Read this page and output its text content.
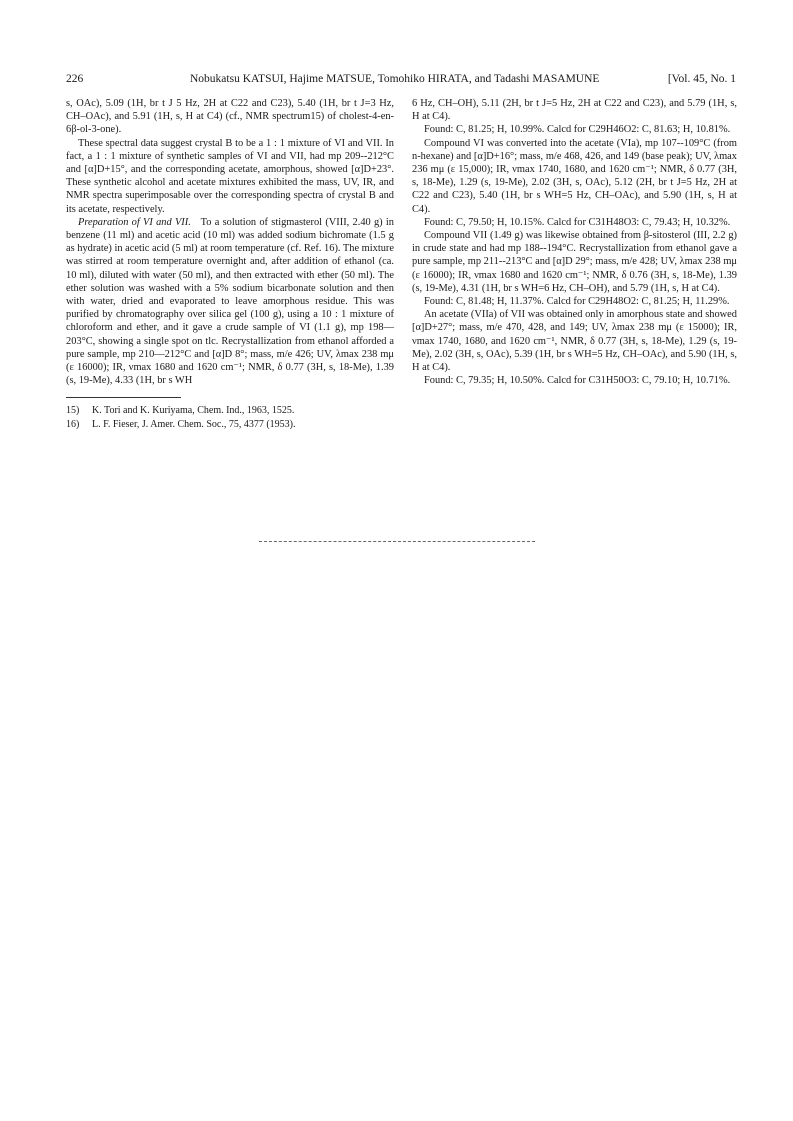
226	Nobukatsu KATSUI, Hajime MATSUE, Tomohiko HIRATA, and Tadashi MASAMUNE	[Vol. 45, No. 1

s, OAc), 5.09 (1H, br t J 5 Hz, 2H at C22 and C23), 5.40 (1H, br t J=3 Hz, CH–OAc), and 5.91 (1H, s, H at C4) (cf., NMR spectrum15) of cholest-4-en-6β-ol-3-one).

These spectral data suggest crystal B to be a 1 : 1 mixture of VI and VII. In fact, a 1 : 1 mixture of synthetic samples of VI and VII, had mp 209--212°C and [α]D+15°, and the corresponding acetate, amorphous, showed [α]D+23°. These synthetic alcohol and acetate mixtures exhibited the mass, UV, IR, and NMR spectra superimposable over the corresponding spectra of crystal B and its acetate, respectively.

Preparation of VI and VII. To a solution of stigmasterol (VIII, 2.40 g) in benzene (11 ml) and acetic acid (10 ml) was added sodium bichromate (1.5 g as hydrate) in acetic acid (5 ml) at room temperature (cf. Ref. 16). The mixture was stirred at room temperature overnight and, after addition of ethanol (ca. 10 ml), diluted with water (50 ml), and then extracted with ether (50 ml). The ether solution was washed with a 5% sodium bicarbonate solution and then with water, dried and evaporated to leave amorphous residue. This was purified by chromatography over silica gel (100 g), using a 10 : 1 mixture of chloroform and ether, and it gave a crude sample of VI (1.1 g), mp 198—203°C, showing a single spot on tlc. Recrystallization from ethanol afforded a pure sample, mp 210—212°C and [α]D 8°; mass, m/e 426; UV, λmax 238 mμ (ε 16000); IR, νmax 1680 and 1620 cm⁻¹; NMR, δ 0.77 (3H, s, 18-Me), 1.39 (s, 19-Me), 4.33 (1H, br s WH

15) K. Tori and K. Kuriyama, Chem. Ind., 1963, 1525.
16) L. F. Fieser, J. Amer. Chem. Soc., 75, 4377 (1953).

6 Hz, CH–OH), 5.11 (2H, br t J=5 Hz, 2H at C22 and C23), and 5.79 (1H, s, H at C4).

Found: C, 81.25; H, 10.99%. Calcd for C29H46O2: C, 81.63; H, 10.81%.

Compound VI was converted into the acetate (VIa), mp 107--109°C (from n-hexane) and [α]D+16°; mass, m/e 468, 426, and 149 (base peak); UV, λmax 236 mμ (ε 15,000); IR, νmax 1740, 1680, and 1620 cm⁻¹; NMR, δ 0.77 (3H, s, 18-Me), 1.29 (s, 19-Me), 2.02 (3H, s, OAc), 5.12 (2H, br t J=5 Hz, 2H at C22 and C23), 5.40 (1H, br s WH=5 Hz, CH–OAc), and 5.90 (1H, s, H at C4).

Found: C, 79.50; H, 10.15%. Calcd for C31H48O3: C, 79.43; H, 10.32%.

Compound VII (1.49 g) was likewise obtained from β-sitosterol (III, 2.2 g) in crude state and had mp 188--194°C. Recrystallization from ethanol gave a pure sample, mp 211--213°C and [α]D 29°; mass, m/e 428; UV, λmax 238 mμ (ε 16000); IR, νmax 1680 and 1620 cm⁻¹; NMR, δ 0.76 (3H, s, 18-Me), 1.39 (s, 19-Me), 4.31 (1H, br s WH=6 Hz, CH–OH), and 5.79 (1H, s, H at C4).

Found: C, 81.48; H, 11.37%. Calcd for C29H48O2: C, 81.25; H, 11.29%.

An acetate (VIIa) of VII was obtained only in amorphous state and showed [α]D+27°; mass, m/e 470, 428, and 149; UV, λmax 238 mμ (ε 15000); IR, νmax 1740, 1680, and 1620 cm⁻¹, NMR, δ 0.77 (3H, s, 18-Me), 1.29 (s, 19-Me), 2.02 (3H, s, OAc), 5.39 (1H, br s WH=5 Hz, CH–OAc), and 5.90 (1H, s, H at C4).

Found: C, 79.35; H, 10.50%. Calcd for C31H50O3: C, 79.10; H, 10.71%.
